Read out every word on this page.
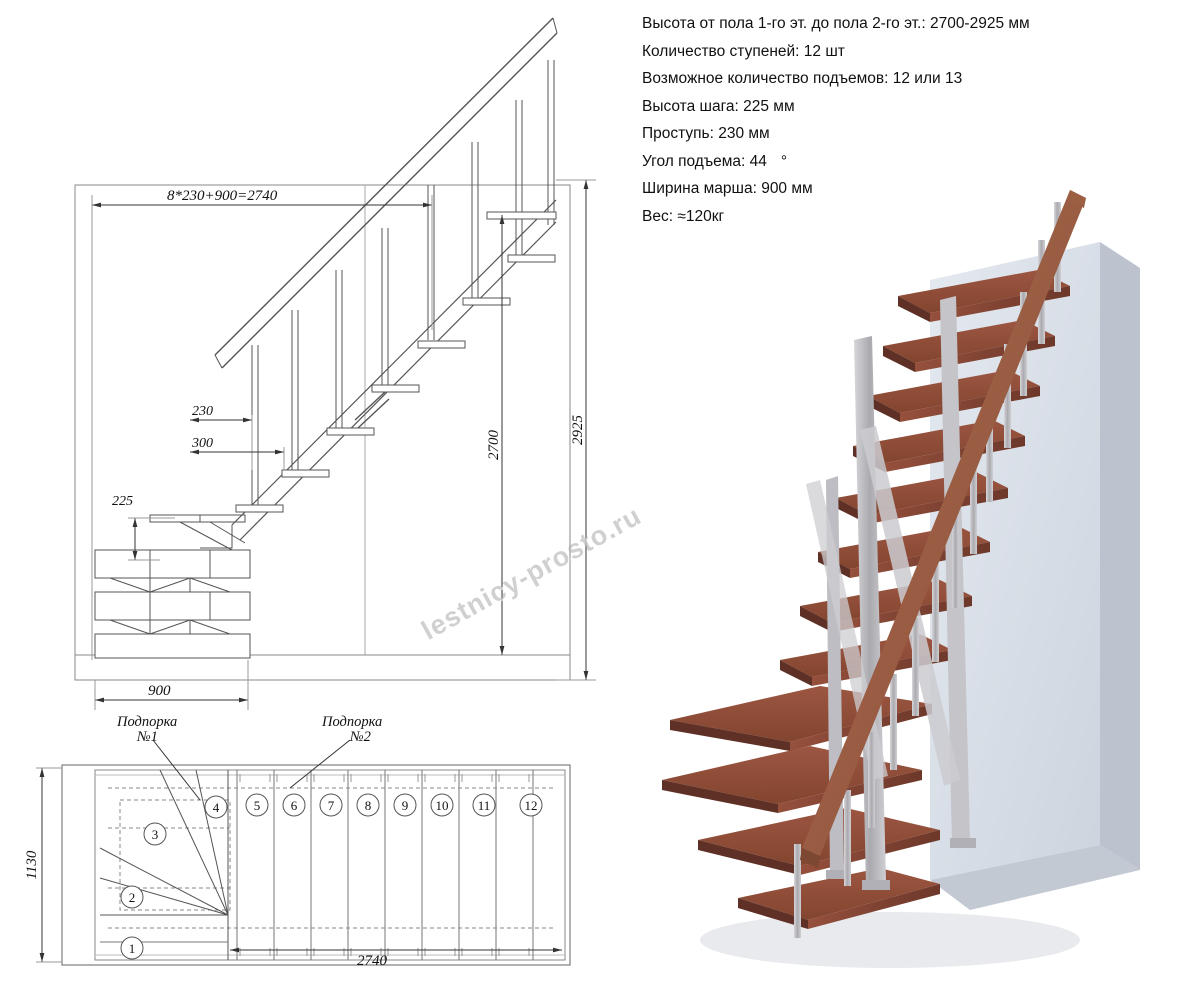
Высота от пола 1-го эт. до пола 2-го эт.: 2700-2925 мм
Количество ступеней: 12 шт
Возможное количество подъемов: 12 или 13
Высота шага: 225 мм
Проступь: 230 мм
Угол подъема: 44 °
Ширина марша: 900 мм
Вес: ≈120кг
8*230+900=2740
230
300
225
2700	2925
900
1
2
3
4	5 6 7 8 9 10 11	12
Подпорка
№1
Подпорка
№2
1130
2740
lestnicy-prosto.ru
